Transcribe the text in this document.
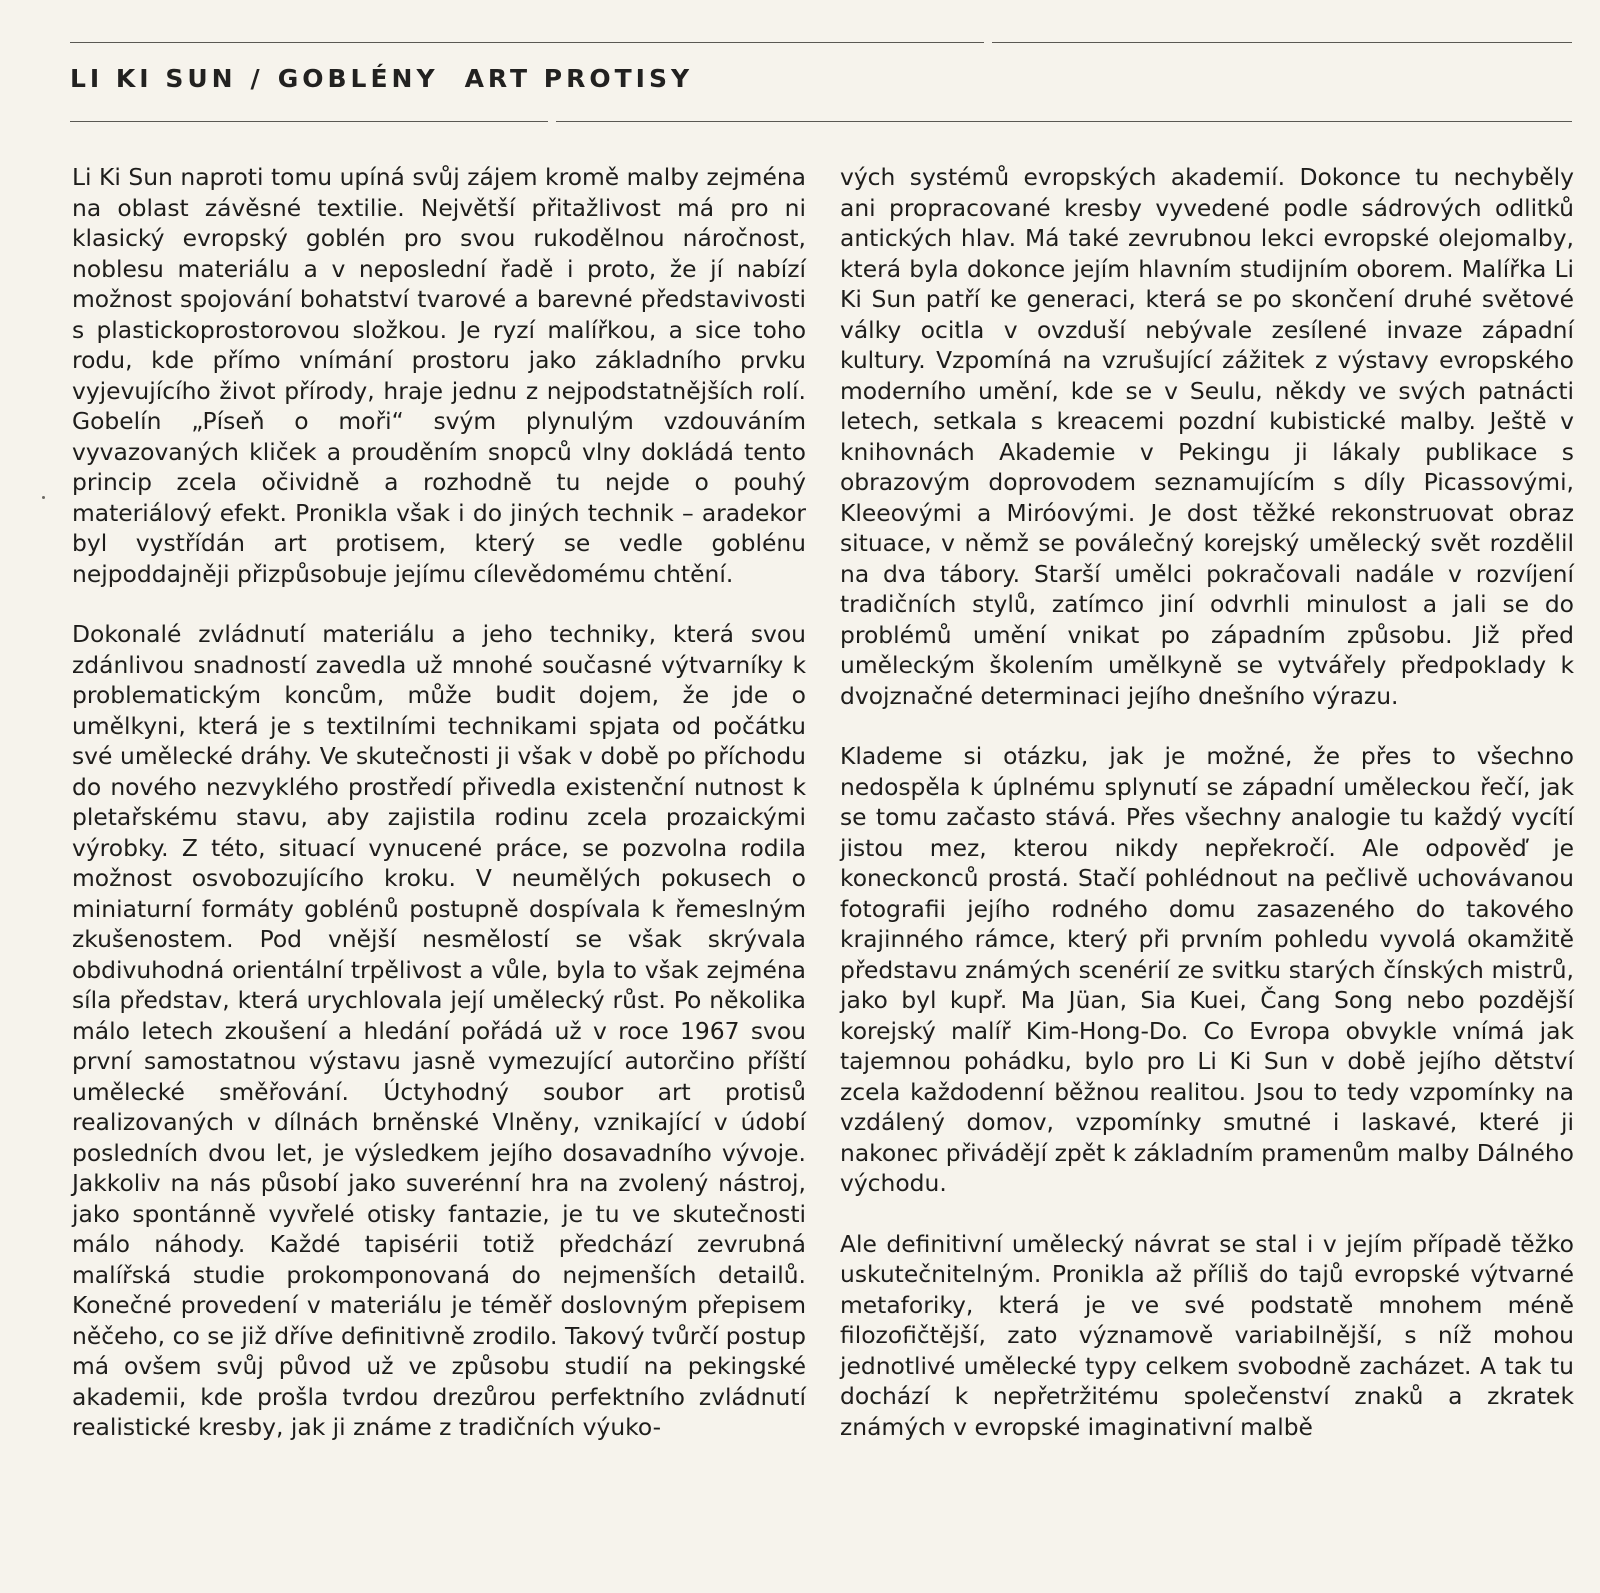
LI KI SUN / GOBLÉNY ART PROTISY

Li Ki Sun naproti tomu upíná svůj zájem kromě malby zejména na oblast závěsné textilie. Největší přitažlivost má pro ni klasický evropský goblén pro svou rukodělnou náročnost, noblesu materiálu a v neposlední řadě i proto, že jí nabízí možnost spojování bohatství tvarové a barevné představivosti s plastickoprostorovou složkou. Je ryzí malířkou, a sice toho rodu, kde přímo vnímání prostoru jako základního prvku vyjevujícího život přírody, hraje jednu z nejpodstatnějších rolí. Gobelín „Píseň o moři“ svým plynulým vzdouváním vyvazovaných kliček a prouděním snopců vlny dokládá tento princip zcela očividně a rozhodně tu nejde o pouhý materiálový efekt. Pronikla však i do jiných technik – aradekor byl vystřídán art protisem, který se vedle goblénu nejpoddajněji přizpůsobuje jejímu cílevědomému chtění.

Dokonalé zvládnutí materiálu a jeho techniky, která svou zdánlivou snadností zavedla už mnohé současné výtvarníky k problematickým koncům, může budit dojem, že jde o umělkyni, která je s textilními technikami spjata od počátku své umělecké dráhy. Ve skutečnosti ji však v době po příchodu do nového nezvyklého prostředí přivedla existenční nutnost k pletařskému stavu, aby zajistila rodinu zcela prozaickými výrobky. Z této, situací vynucené práce, se pozvolna rodila možnost osvobozujícího kroku. V neumělých pokusech o miniaturní formáty goblénů postupně dospívala k řemeslným zkušenostem. Pod vnější nesmělostí se však skrývala obdivuhodná orientální trpělivost a vůle, byla to však zejména síla představ, která urychlovala její umělecký růst. Po několika málo letech zkoušení a hledání pořádá už v roce 1967 svou první samostatnou výstavu jasně vymezující autorčino příští umělecké směřování. Úctyhodný soubor art protisů realizovaných v dílnách brněnské Vlněny, vznikající v údobí posledních dvou let, je výsledkem jejího dosavadního vývoje. Jakkoliv na nás působí jako suverénní hra na zvolený nástroj, jako spontánně vyvřelé otisky fantazie, je tu ve skutečnosti málo náhody. Každé tapisérii totiž předchází zevrubná malířská studie prokomponovaná do nejmenších detailů. Konečné provedení v materiálu je téměř doslovným přepisem něčeho, co se již dříve definitivně zrodilo. Takový tvůrčí postup má ovšem svůj původ už ve způsobu studií na pekingské akademii, kde prošla tvrdou drezůrou perfektního zvládnutí realistické kresby, jak ji známe z tradičních výuko-

vých systémů evropských akademií. Dokonce tu nechyběly ani propracované kresby vyvedené podle sádrových odlitků antických hlav. Má také zevrubnou lekci evropské olejomalby, která byla dokonce jejím hlavním studijním oborem. Malířka Li Ki Sun patří ke generaci, která se po skončení druhé světové války ocitla v ovzduší nebývale zesílené invaze západní kultury. Vzpomíná na vzrušující zážitek z výstavy evropského moderního umění, kde se v Seulu, někdy ve svých patnácti letech, setkala s kreacemi pozdní kubistické malby. Ještě v knihovnách Akademie v Pekingu ji lákaly publikace s obrazovým doprovodem seznamujícím s díly Picassovými, Kleeovými a Miróovými. Je dost těžké rekonstruovat obraz situace, v němž se poválečný korejský umělecký svět rozdělil na dva tábory. Starší umělci pokračovali nadále v rozvíjení tradičních stylů, zatímco jiní odvrhli minulost a jali se do problémů umění vnikat po západním způsobu. Již před uměleckým školením umělkyně se vytvářely předpoklady k dvojznačné determinaci jejího dnešního výrazu.

Klademe si otázku, jak je možné, že přes to všechno nedospěla k úplnému splynutí se západní uměleckou řečí, jak se tomu začasto stává. Přes všechny analogie tu každý vycítí jistou mez, kterou nikdy nepřekročí. Ale odpověď je koneckonců prostá. Stačí pohlédnout na pečlivě uchovávanou fotografii jejího rodného domu zasazeného do takového krajinného rámce, který při prvním pohledu vyvolá okamžitě představu známých scenérií ze svitku starých čínských mistrů, jako byl kupř. Ma Jüan, Sia Kuei, Čang Song nebo pozdější korejský malíř Kim-Hong-Do. Co Evropa obvykle vnímá jak tajemnou pohádku, bylo pro Li Ki Sun v době jejího dětství zcela každodenní běžnou realitou. Jsou to tedy vzpomínky na vzdálený domov, vzpomínky smutné i laskavé, které ji nakonec přivádějí zpět k základním pramenům malby Dálného východu.

Ale definitivní umělecký návrat se stal i v jejím případě těžko uskutečnitelným. Pronikla až příliš do tajů evropské výtvarné metaforiky, která je ve své podstatě mnohem méně filozofičtější, zato významově variabilnější, s níž mohou jednotlivé umělecké typy celkem svobodně zacházet. A tak tu dochází k nepřetržitému společenství znaků a zkratek známých v evropské imaginativní malbě
